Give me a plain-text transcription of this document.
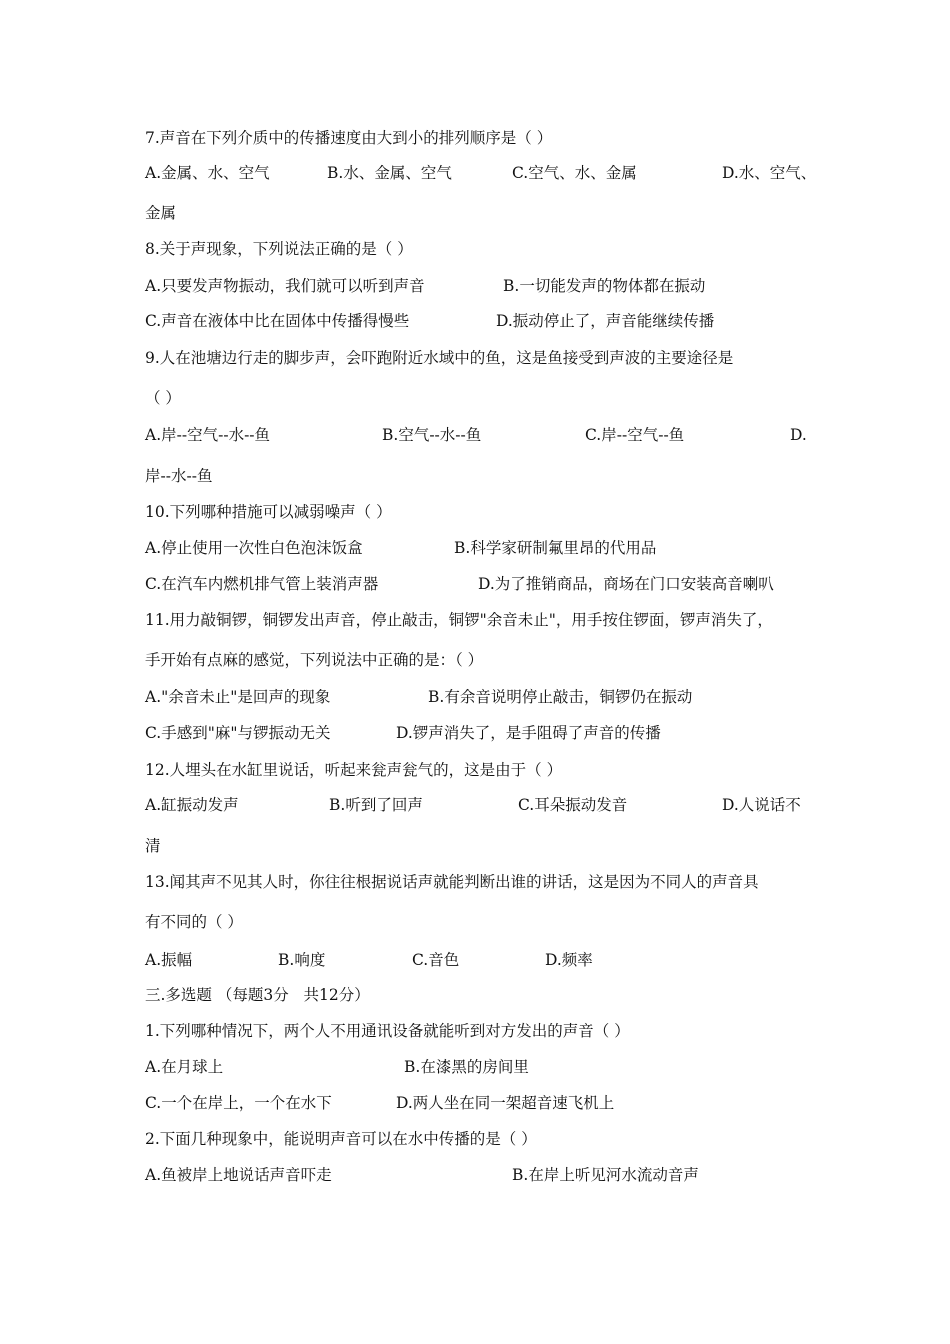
7.声音在下列介质中的传播速度由大到小的排列顺序是（ ）
A.金属、水、空气	B.水、金属、空气	C.空气、水、金属	D.水、空气、
金属
8.关于声现象，下列说法正确的是（ ）
A.只要发声物振动，我们就可以听到声音	B.一切能发声的物体都在振动
C.声音在液体中比在固体中传播得慢些	D.振动停止了，声音能继续传播
9.人在池塘边行走的脚步声，会吓跑附近水域中的鱼，这是鱼接受到声波的主要途径是
（ ）
A.岸--空气--水--鱼	B.空气--水--鱼	C.岸--空气--鱼	D.
岸--水--鱼
10.下列哪种措施可以减弱噪声（ ）
A.停止使用一次性白色泡沫饭盒	B.科学家研制氟里昂的代用品
C.在汽车内燃机排气管上装消声器	D.为了推销商品，商场在门口安装高音喇叭
11.用力敲铜锣，铜锣发出声音，停止敲击，铜锣"余音未止"，用手按住锣面，锣声消失了，
手开始有点麻的感觉，下列说法中正确的是：（ ）
A."余音未止"是回声的现象	B.有余音说明停止敲击，铜锣仍在振动
C.手感到"麻"与锣振动无关	D.锣声消失了，是手阻碍了声音的传播
12.人埋头在水缸里说话，听起来瓮声瓮气的，这是由于（ ）
A.缸振动发声	B.听到了回声	C.耳朵振动发音	D.人说话不
清
13.闻其声不见其人时，你往往根据说话声就能判断出谁的讲话，这是因为不同人的声音具
有不同的（ ）
A.振幅	B.响度	C.音色	D.频率
三.多选题 （每题3分   共12分）
1.下列哪种情况下，两个人不用通讯设备就能听到对方发出的声音（ ）
A.在月球上	B.在漆黑的房间里
C.一个在岸上，一个在水下	D.两人坐在同一架超音速飞机上
2.下面几种现象中，能说明声音可以在水中传播的是（ ）
A.鱼被岸上地说话声音吓走	B.在岸上听见河水流动音声
